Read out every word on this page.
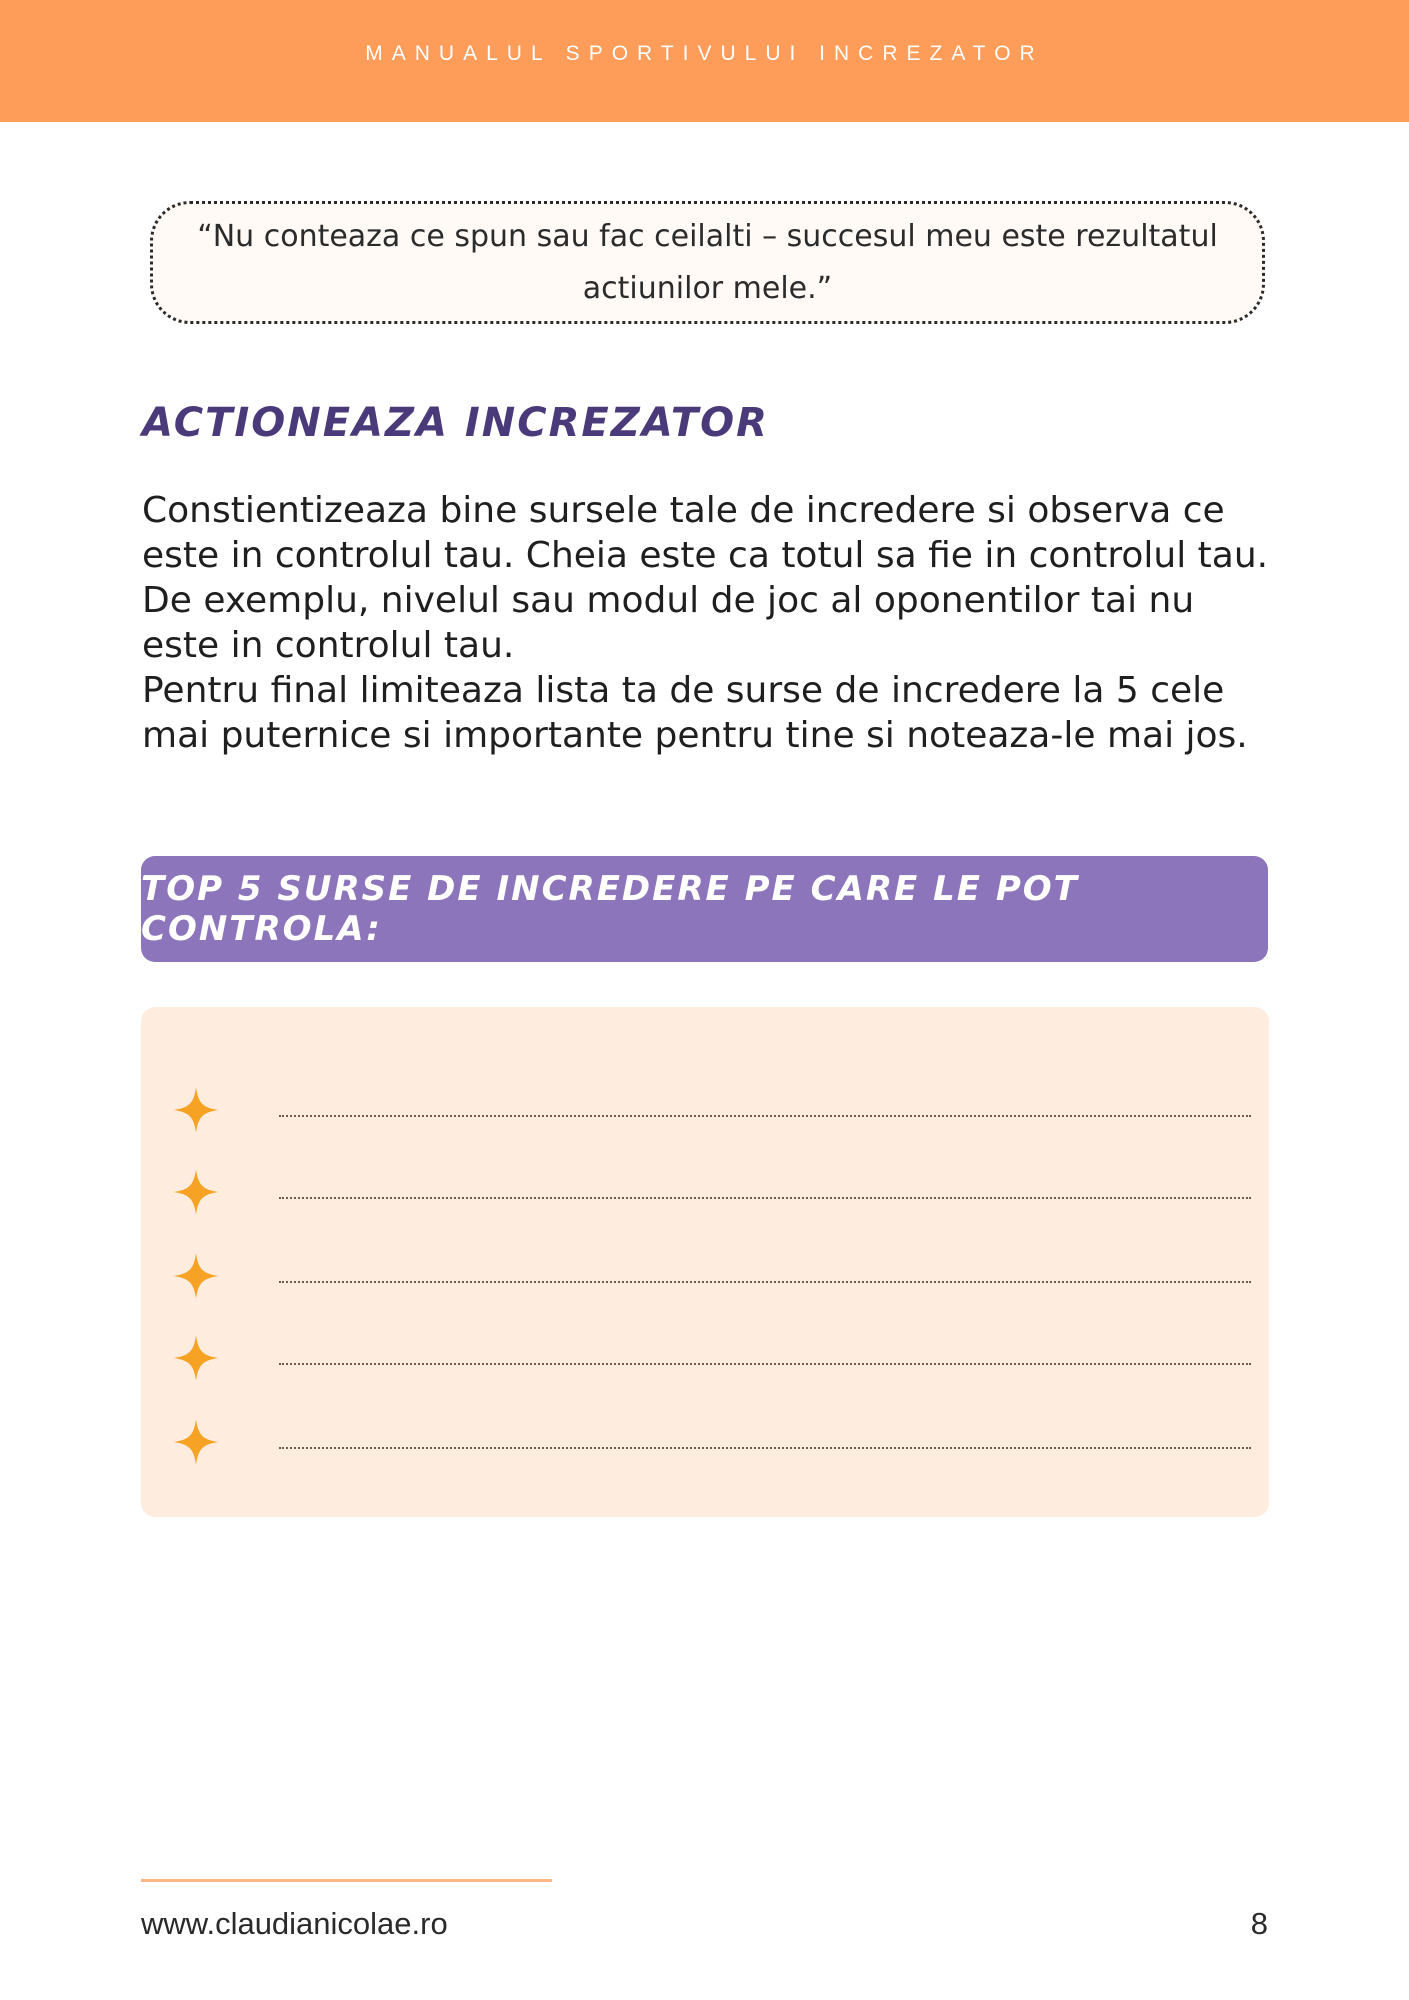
MANUALUL SPORTIVULUI INCREZATOR
“Nu conteaza ce spun sau fac ceilalti – succesul meu este rezultatul actiunilor mele.”
ACTIONEAZA INCREZATOR

Constientizeaza bine sursele tale de incredere si observa ce este in controlul tau. Cheia este ca totul sa fie in controlul tau. De exemplu, nivelul sau modul de joc al oponentilor tai nu este in controlul tau.

Pentru final limiteaza lista ta de surse de incredere la 5 cele mai puternice si importante pentru tine si noteaza-le mai jos.

TOP 5 SURSE DE INCREDERE PE CARE LE POT CONTROLA:
www.claudianicolae.ro	8
